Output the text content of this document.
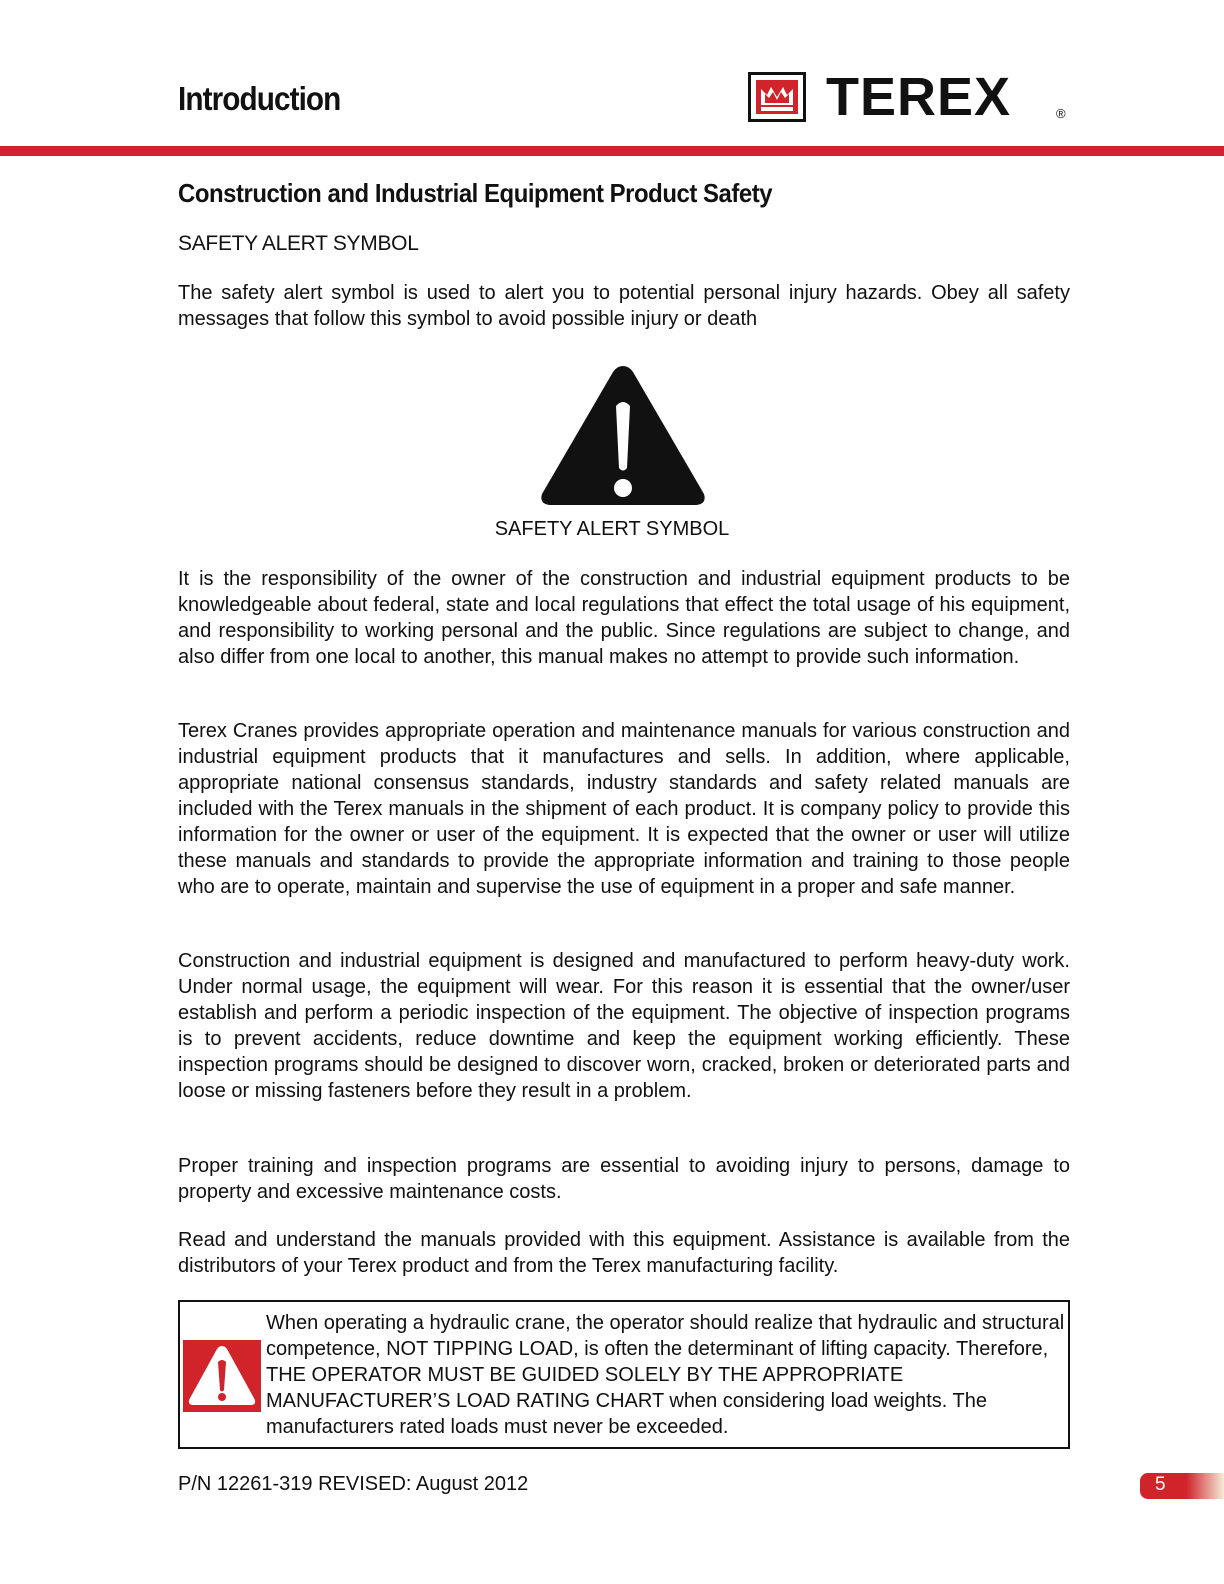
Introduction	TEREX	®
Construction and Industrial Equipment Product Safety
SAFETY ALERT SYMBOL

The safety alert symbol is used to alert you to potential personal injury hazards. Obey all safety messages that follow this symbol to avoid possible injury or death

SAFETY ALERT SYMBOL

It is the responsibility of the owner of the construction and industrial equipment products to be knowledgeable about federal, state and local regulations that effect the total usage of his equipment, and responsibility to working personal and the public. Since regulations are subject to change, and also differ from one local to another, this manual makes no attempt to provide such information.

Terex Cranes provides appropriate operation and maintenance manuals for various construction and industrial equipment products that it manufactures and sells. In addition, where applicable, appropriate national consensus standards, industry standards and safety related manuals are included with the Terex manuals in the shipment of each product. It is company policy to provide this information for the owner or user of the equipment. It is expected that the owner or user will utilize these manuals and standards to provide the appropriate information and training to those people who are to operate, maintain and supervise the use of equipment in a proper and safe manner.

Construction and industrial equipment is designed and manufactured to perform heavy-duty work. Under normal usage, the equipment will wear. For this reason it is essential that the owner/user establish and perform a periodic inspection of the equipment. The objective of inspection programs is to prevent accidents, reduce downtime and keep the equipment working efficiently. These inspection programs should be designed to discover worn, cracked, broken or deteriorated parts and loose or missing fasteners before they result in a problem.

Proper training and inspection programs are essential to avoiding injury to persons, damage to property and excessive maintenance costs.

Read and understand the manuals provided with this equipment. Assistance is available from the distributors of your Terex product and from the Terex manufacturing facility.

When operating a hydraulic crane, the operator should realize that hydraulic and structural competence, NOT TIPPING LOAD, is often the determinant of lifting capacity. Therefore, THE OPERATOR MUST BE GUIDED SOLELY BY THE APPROPRIATE MANUFACTURER’S LOAD RATING CHART when considering load weights. The manufacturers rated loads must never be exceeded.

P/N 12261-319 REVISED: August 2012	5
